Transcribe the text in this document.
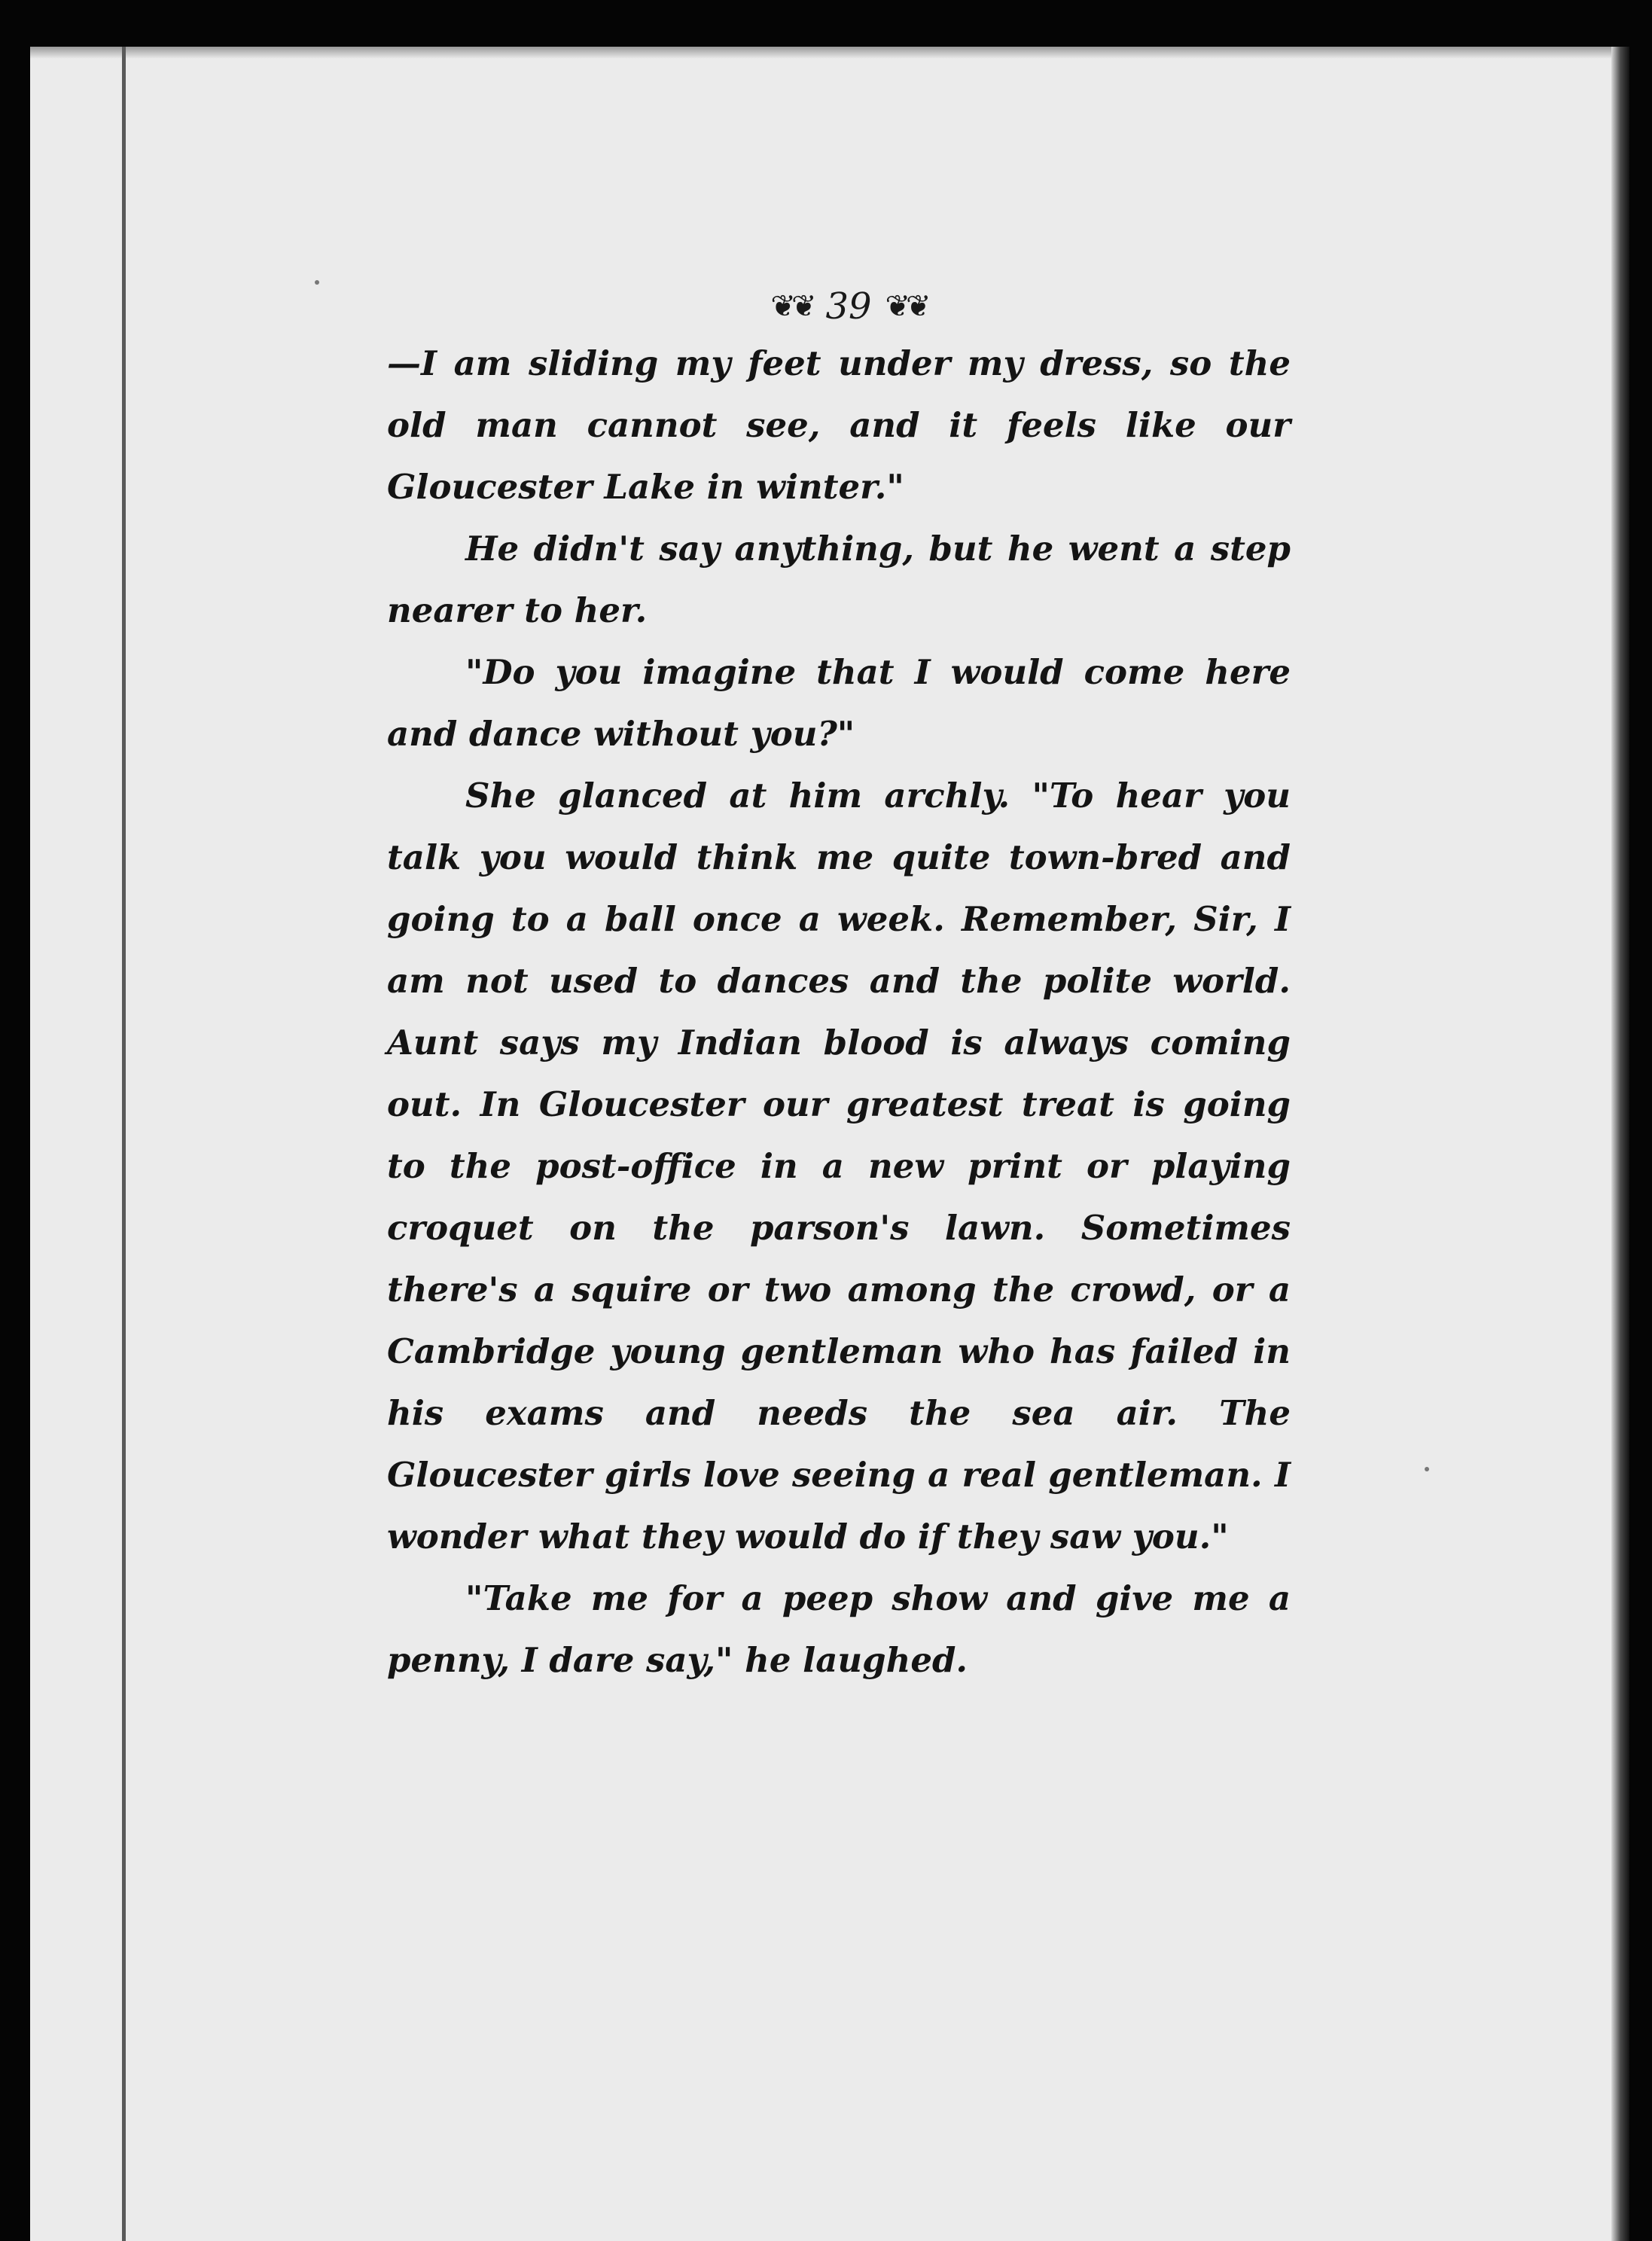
❦❦ 39 ❦❦

—I am sliding my feet under my dress, so the old man cannot see, and it feels like our Gloucester Lake in winter."

He didn't say anything, but he went a step nearer to her.

"Do you imagine that I would come here and dance without you?"

She glanced at him archly. "To hear you talk you would think me quite town-bred and going to a ball once a week. Remember, Sir, I am not used to dances and the polite world. Aunt says my Indian blood is always coming out. In Gloucester our greatest treat is going to the post-office in a new print or playing croquet on the parson's lawn. Sometimes there's a squire or two among the crowd, or a Cambridge young gentleman who has failed in his exams and needs the sea air. The Gloucester girls love seeing a real gentleman. I wonder what they would do if they saw you."

"Take me for a peep show and give me a penny, I dare say," he laughed.
